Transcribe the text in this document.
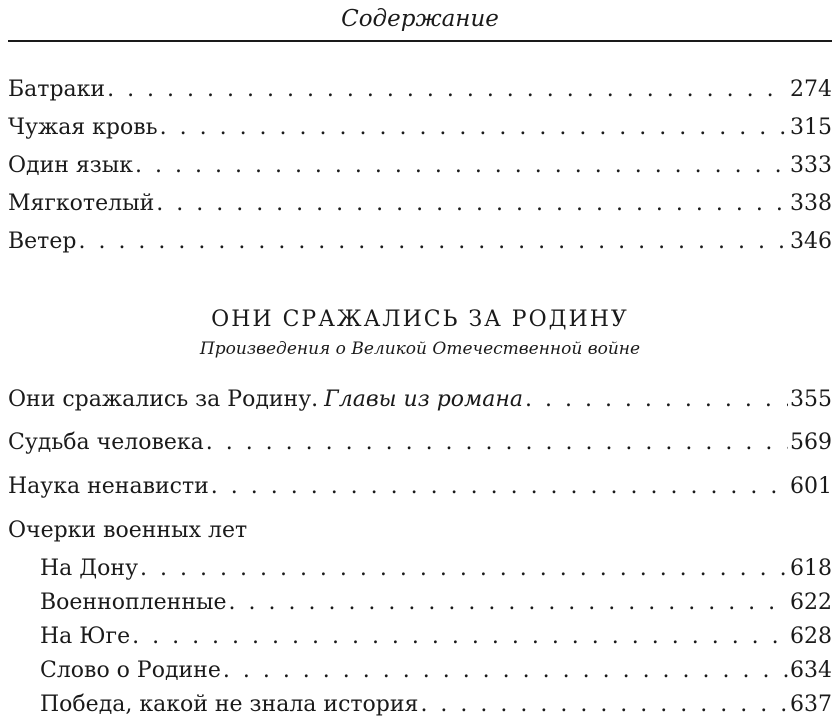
Содержание
Батраки . . .	274
Чужая кровь . . .	315
Один язык . . .	333
Мягкотелый . . .	338
Ветер . . .	346
ОНИ СРАЖАЛИСЬ ЗА РОДИНУ
Произведения о Великой Отечественной войне
Они сражались за Родину. Главы из романа . . .	355
Судьба человека . . .	569
Наука ненависти . . .	601
Очерки военных лет
На Дону . . .	618
Военнопленные . . .	622
На Юге . . .	628
Слово о Родине . . .	634
Победа, какой не знала история . . .	637
